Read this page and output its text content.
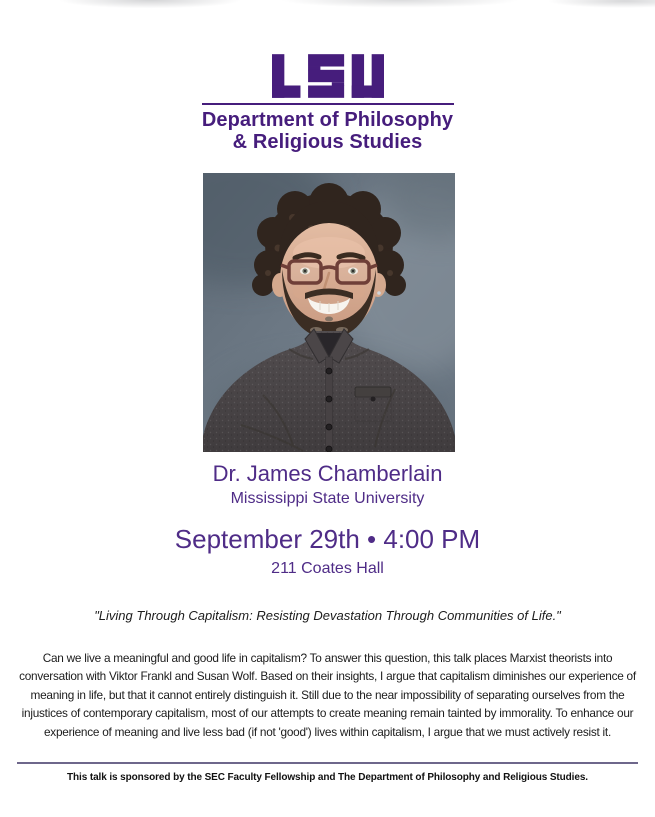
Department of Philosophy
& Religious Studies
Dr. James Chamberlain
Mississippi State University
September 29th • 4:00 PM
211 Coates Hall
"Living Through Capitalism: Resisting Devastation Through Communities of Life."
Can we live a meaningful and good life in capitalism? To answer this question, this talk places Marxist theorists into conversation with Viktor Frankl and Susan Wolf. Based on their insights, I argue that capitalism diminishes our experience of meaning in life, but that it cannot entirely distinguish it. Still due to the near impossibility of separating ourselves from the injustices of contemporary capitalism, most of our attempts to create meaning remain tainted by immorality. To enhance our experience of meaning and live less bad (if not 'good') lives within capitalism, I argue that we must actively resist it.
This talk is sponsored by the SEC Faculty Fellowship and The Department of Philosophy and Religious Studies.
